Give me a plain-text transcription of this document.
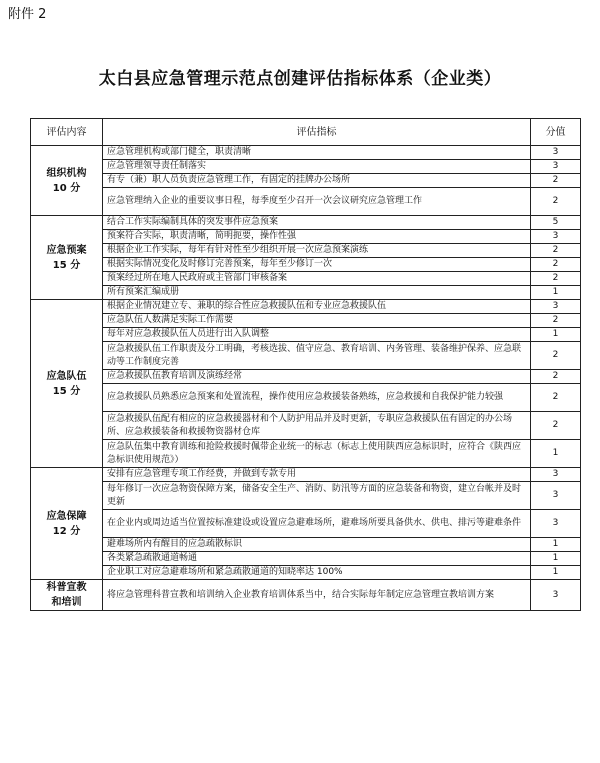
附件 2
太白县应急管理示范点创建评估指标体系（企业类）
评估内容	评估指标	分值

组织机构
10 分	应急管理机构或部门健全，职责清晰	3
	应急管理领导责任制落实	3
	有专（兼）职人员负责应急管理工作，有固定的挂牌办公场所	2
	应急管理纳入企业的重要议事日程，每季度至少召开一次会议研究应急管理工作	2

应急预案
15 分	结合工作实际编制具体的突发事件应急预案	5
	预案符合实际，职责清晰，简明扼要，操作性强	3
	根据企业工作实际，每年有针对性至少组织开展一次应急预案演练	2
	根据实际情况变化及时修订完善预案，每年至少修订一次	2
	预案经过所在地人民政府或主管部门审核备案	2
	所有预案汇编成册	1

应急队伍
15 分	根据企业情况建立专、兼职的综合性应急救援队伍和专业应急救援队伍	3
	应急队伍人数满足实际工作需要	2
	每年对应急救援队伍人员进行出入队调整	1
	应急救援队伍工作职责及分工明确，考核选拔、值守应急、教育培训、内务管理、装备维护保养、应急联动等工作制度完善	2
	应急救援队伍教育培训及演练经常	2
	应急救援队员熟悉应急预案和处置流程，操作使用应急救援装备熟练，应急救援和自我保护能力较强	2
	应急救援队伍配有相应的应急救援器材和个人防护用品并及时更新，专职应急救援队伍有固定的办公场所、应急救援装备和救援物资器材仓库	2
	应急队伍集中教育训练和抢险救援时佩带企业统一的标志（标志上使用陕西应急标识时，应符合《陕西应急标识使用规范》）	1

应急保障
12 分	安排有应急管理专项工作经费，并做到专款专用	3
	每年修订一次应急物资保障方案，储备安全生产、消防、防汛等方面的应急装备和物资，建立台帐并及时更新	3
	在企业内或周边适当位置按标准建设或设置应急避难场所，避难场所要具备供水、供电、排污等避难条件	3
	避难场所内有醒目的应急疏散标识	1
	各类紧急疏散通道畅通	1
	企业职工对应急避难场所和紧急疏散通道的知晓率达 100%	1

科普宣教
和培训	将应急管理科普宣教和培训纳入企业教育培训体系当中，结合实际每年制定应急管理宣教培训方案	3
